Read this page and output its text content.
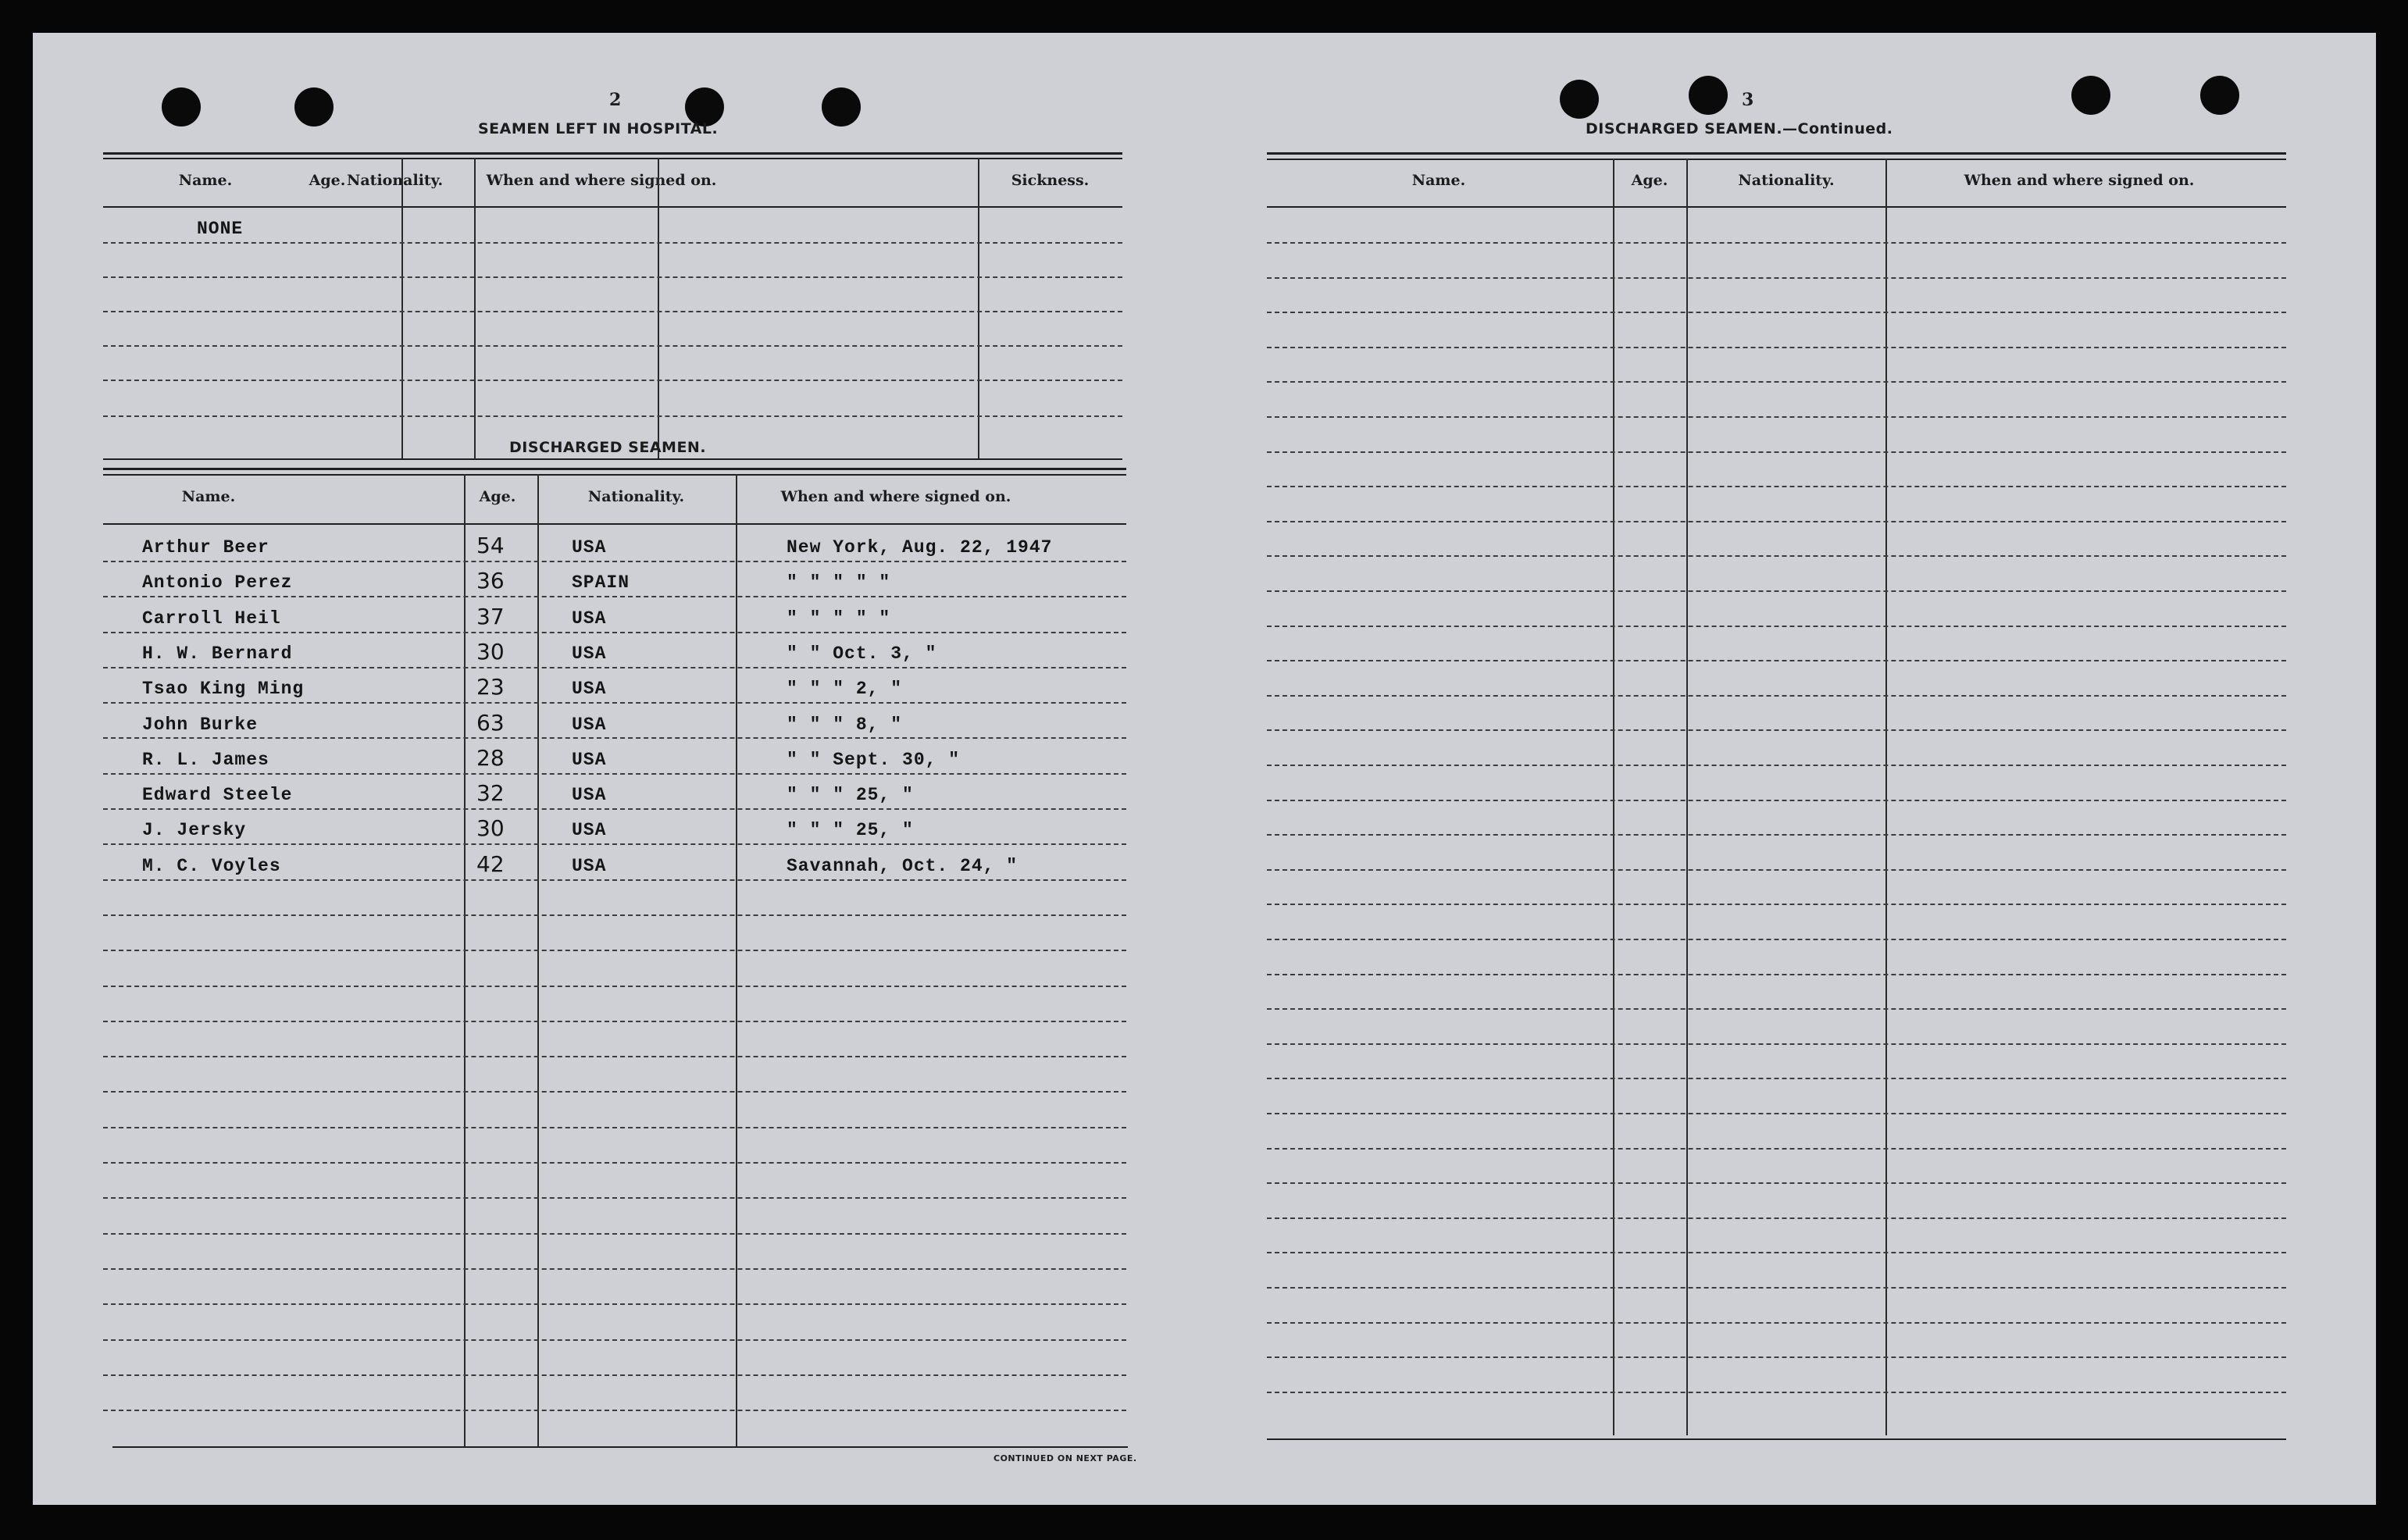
2
SEAMEN LEFT IN HOSPITAL.
Name.	Age. Nationality.	When and where signed on.	Sickness.
NONE
DISCHARGED SEAMEN.
Name.	Age.	Nationality.	When and where signed on.
Arthur Beer	54	USA	New York, Aug. 22, 1947
Antonio Perez	36	SPAIN	" " " " "
Carroll Heil	37	USA	" " " " "
H. W. Bernard	30	USA	" " Oct. 3, "
Tsao King Ming	23	USA	" " " 2, "
John Burke	63	USA	" " " 8, "
R. L. James	28	USA	" " Sept. 30, "
Edward Steele	32	USA	" " " 25, "
J. Jersky	30	USA	" " " 25, "
M. C. Voyles	42	USA	Savannah, Oct. 24, "
CONTINUED ON NEXT PAGE.
3
DISCHARGED SEAMEN.—Continued.
Name.	Age.	Nationality.	When and where signed on.
